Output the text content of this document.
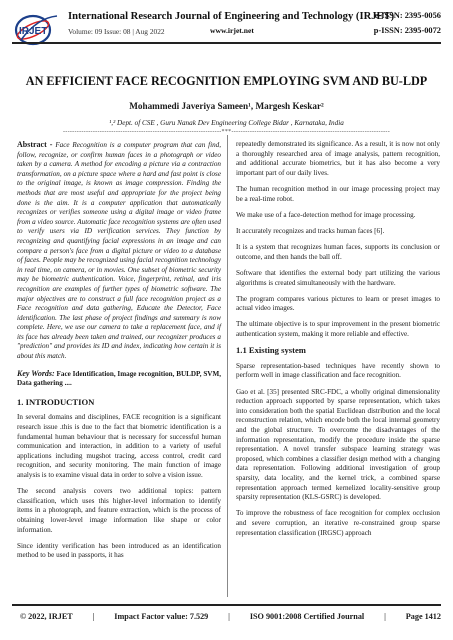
IRJET
International Research Journal of Engineering and Technology (IRJET)
Volume: 09 Issue: 08 | Aug 2022	www.irjet.net
e-ISSN: 2395-0056
p-ISSN: 2395-0072
AN EFFICIENT FACE RECOGNITION EMPLOYING SVM AND BU-LDP
Mohammedi Javeriya Sameen¹, Margesh Keskar²
¹,² Dept. of CSE , Guru Nanak Dev Engineering College Bidar , Karnataka, India
---------------------------------------------------------------------***---------------------------------------------------------------------

Abstract - Face Recognition is a computer program that can find, follow, recognize, or confirm human faces in a photograph or video taken by a camera. A method for encoding a picture via a contraction transformation, on a picture space where a hard and fast point is close to the original image, is known as image compression. Finding the methods that are most useful and appropriate for the project being done is the aim. It is a computer application that automatically recognizes or verifies someone using a digital image or video frame from a video source. Automatic face recognition systems are often used to verify users via ID verification services. They function by recognizing and quantifying facial expressions in an image and can compare a person's face from a digital picture or video to a database of faces. People may be recognized using facial recognition technology in real time, on camera, or in movies. One subset of biometric security may be biometric authentication. Voice, fingerprint, retinal, and iris recognition are examples of further types of biometric software. The major objectives are to construct a full face recognition project as a Face recognition and data gathering, Educate the Detector, Face identification. The last phase of project findings and summary is now complete. Here, we use our camera to take a replacement face, and if its face has already been taken and trained, our recognizer produces a "prediction" and provides its ID and index, indicating how certain it is about this match.

Key Words: Face Identification, Image recognition, BULDP, SVM, Data gathering ....

1. INTRODUCTION

In several domains and disciplines, FACE recognition is a significant research issue .this is due to the fact that biometric identification is a fundamental human behaviour that is necessary for successful human communication and interaction, in addition to a variety of useful applications including mugshot tracing, access control, credit card recognition, and security monitoring. The main function of image analysis is to examine visual data in order to solve a vision issue.

The second analysis covers two additional topics: pattern classification, which uses this higher-level information to identify items in a photograph, and feature extraction, which is the process of obtaining lower-level image information like shape or color information.

Since identity verification has been introduced as an identification method to be used in passports, it has

repeatedly demonstrated its significance. As a result, it is now not only a thoroughly researched area of image analysis, pattern recognition, and additional accurate biometrics, but it has also become a very important part of our daily lives.

The human recognition method in our image processing project may be a real-time robot.

We make use of a face-detection method for image processing.

It accurately recognizes and tracks human faces [6].

It is a system that recognizes human faces, supports its conclusion or outcome, and then hands the ball off.

Software that identifies the external body part utilizing the various algorithms is created simultaneously with the hardware.

The program compares various pictures to learn or preset images to actual video images.

The ultimate objective is to spur improvement in the present biometric authentication system, making it more reliable and effective.

1.1 Existing system

Sparse representation-based techniques have recently shown to perform well in image classification and face recognition.

Gao et al. [35] presented SRC-FDC, a wholly original dimensionality reduction approach supported by sparse representation, which takes into consideration both the spatial Euclidean distribution and the local reconstruction relation, which encode both the local internal geometry and the global structure. To overcome the disadvantages of the information representation, modify the procedure inside the sparse representation. A novel transfer subspace learning strategy was proposed, which combines a classifier design method with a changing data representation. Following additional investigation of group sparsity, data locality, and the kernel trick, a combined sparse representation approach termed kernelized locality-sensitive group sparsity representation (KLS-GSRC) is developed.

To improve the robustness of face recognition for complex occlusion and severe corruption, an iterative re-constrained group sparse representation classification (IRGSC) approach

© 2022, IRJET | Impact Factor value: 7.529 | ISO 9001:2008 Certified Journal | Page 1412
